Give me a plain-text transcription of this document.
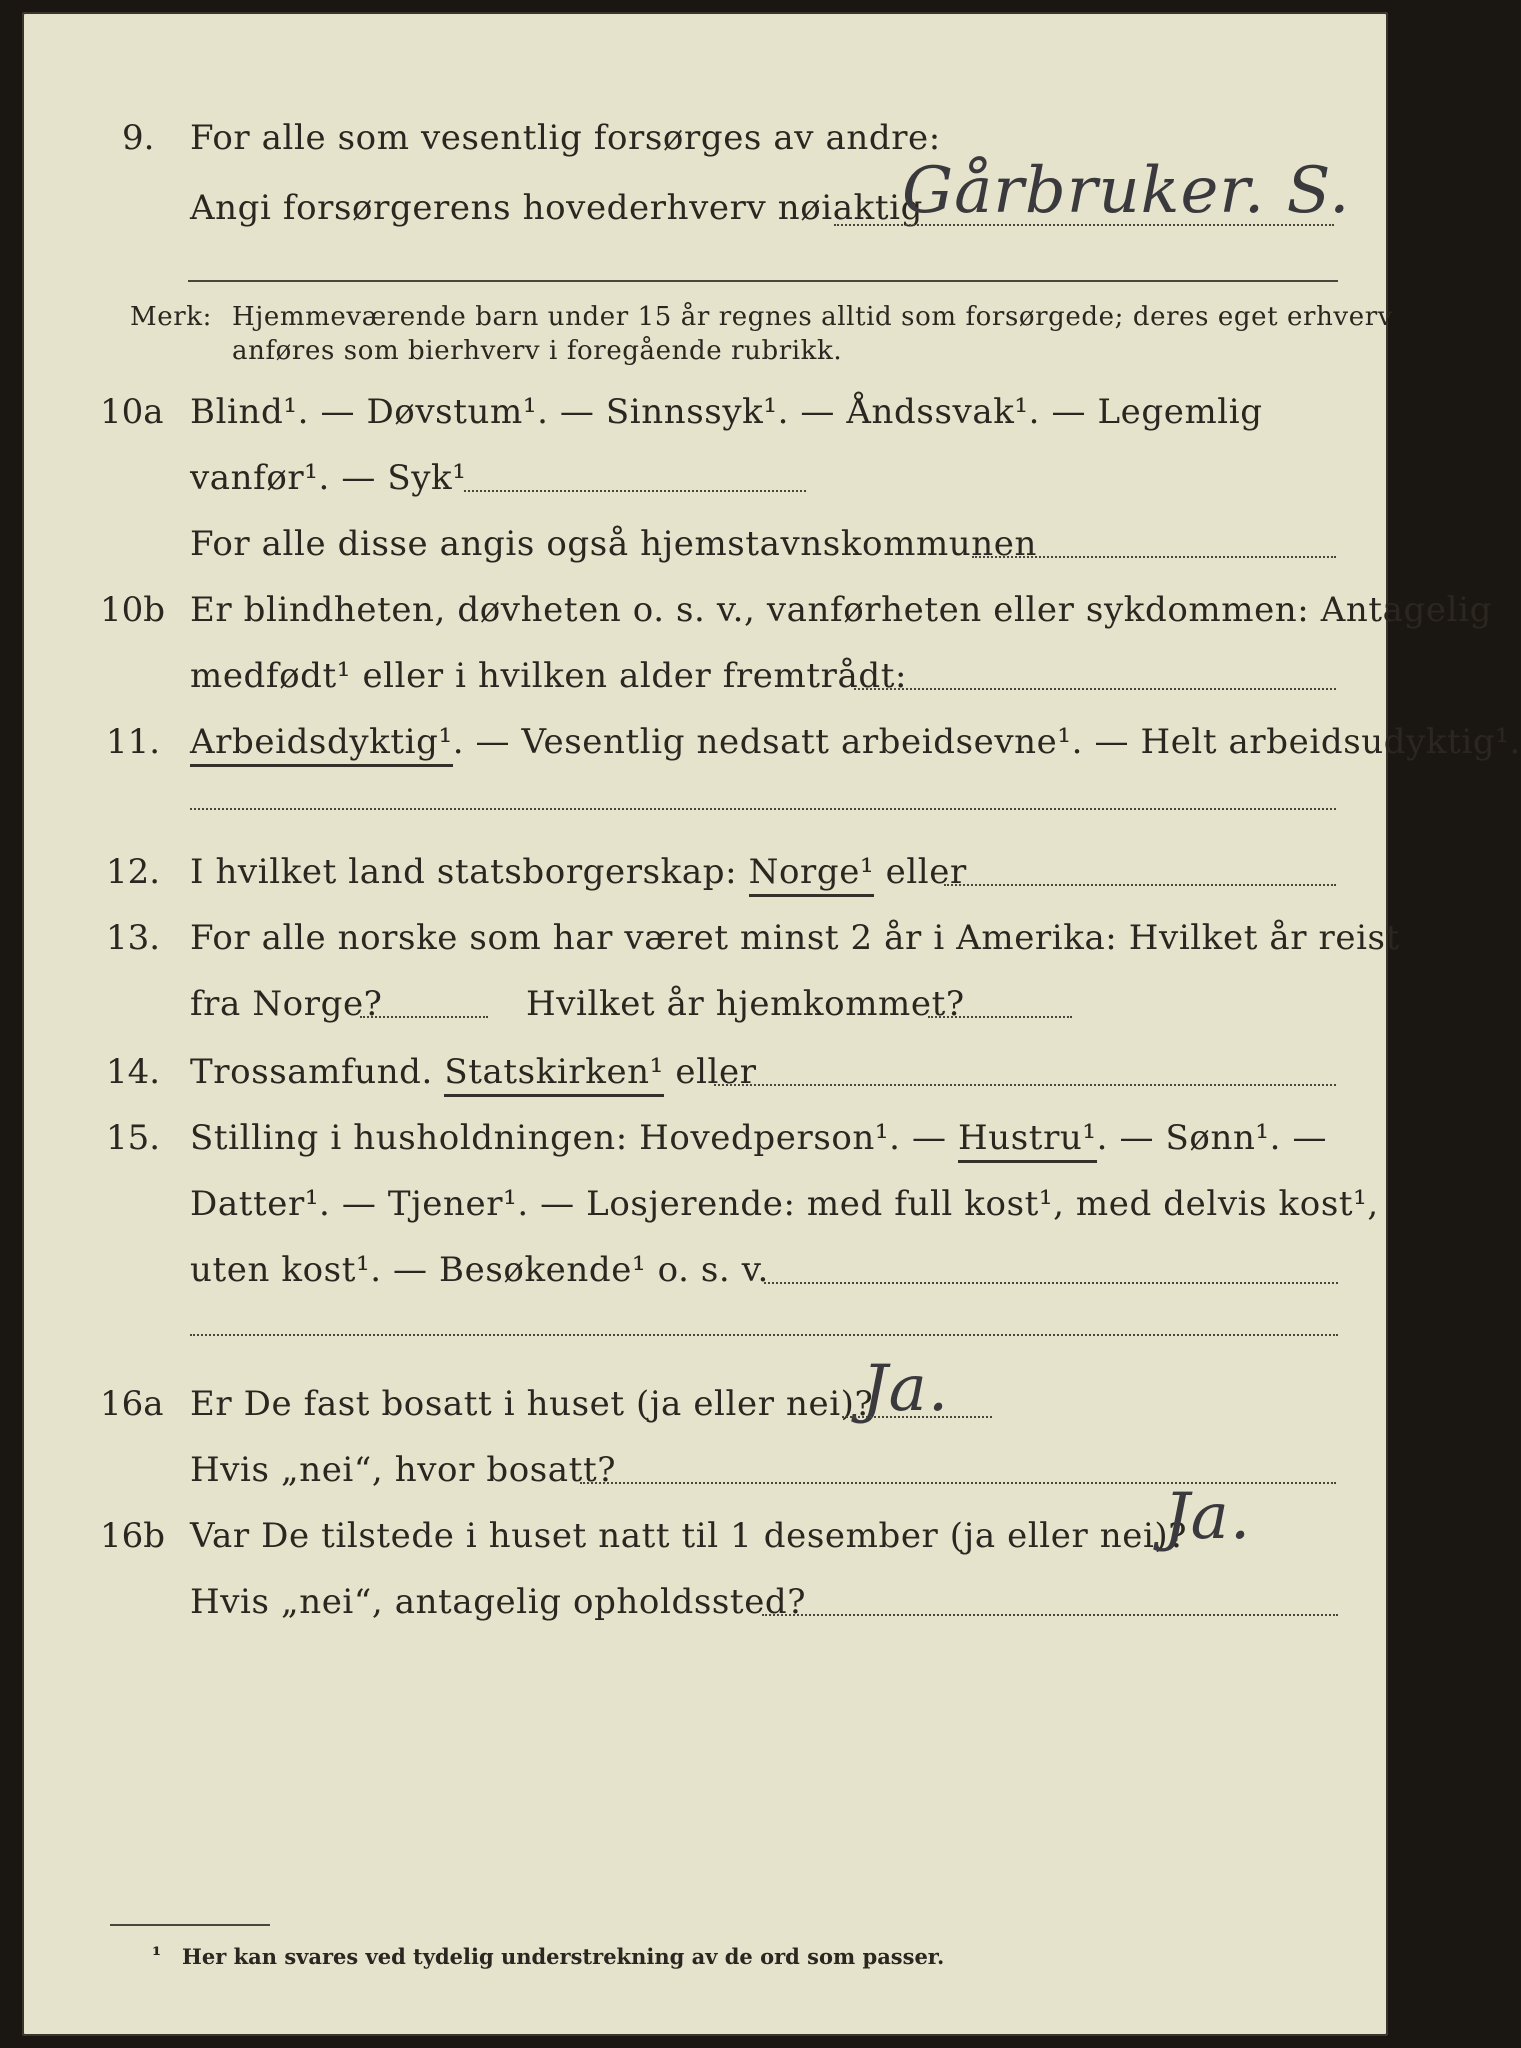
9. For alle som vesentlig forsørges av andre:
Angi forsørgerens hovederhverv nøiaktig
Gårbruker. S.
Merk: Hjemmeværende barn under 15 år regnes alltid som forsørgede; deres eget erhverv
anføres som bierhverv i foregående rubrikk.
10a Blind¹. — Døvstum¹. — Sinnssyk¹. — Åndssvak¹. — Legemlig
vanfør¹. — Syk¹
For alle disse angis også hjemstavnskommunen
10b Er blindheten, døvheten o. s. v., vanførheten eller sykdommen: Antagelig
medfødt¹ eller i hvilken alder fremtrådt:
11. Arbeidsdyktig¹. — Vesentlig nedsatt arbeidsevne¹. — Helt arbeidsudyktig¹.
12. I hvilket land statsborgerskap: Norge¹ eller
13. For alle norske som har været minst 2 år i Amerika: Hvilket år reist
fra Norge?	Hvilket år hjemkommet?
14. Trossamfund. Statskirken¹ eller
15. Stilling i husholdningen: Hovedperson¹. — Hustru¹. — Sønn¹. —
Datter¹. — Tjener¹. — Losjerende: med full kost¹, med delvis kost¹,
uten kost¹. — Besøkende¹ o. s. v.
16a Er De fast bosatt i huset (ja eller nei)?
Ja.
Hvis „nei“, hvor bosatt?
16b Var De tilstede i huset natt til 1 desember (ja eller nei)?
Ja.
Hvis „nei“, antagelig opholdssted?
¹ Her kan svares ved tydelig understrekning av de ord som passer.
